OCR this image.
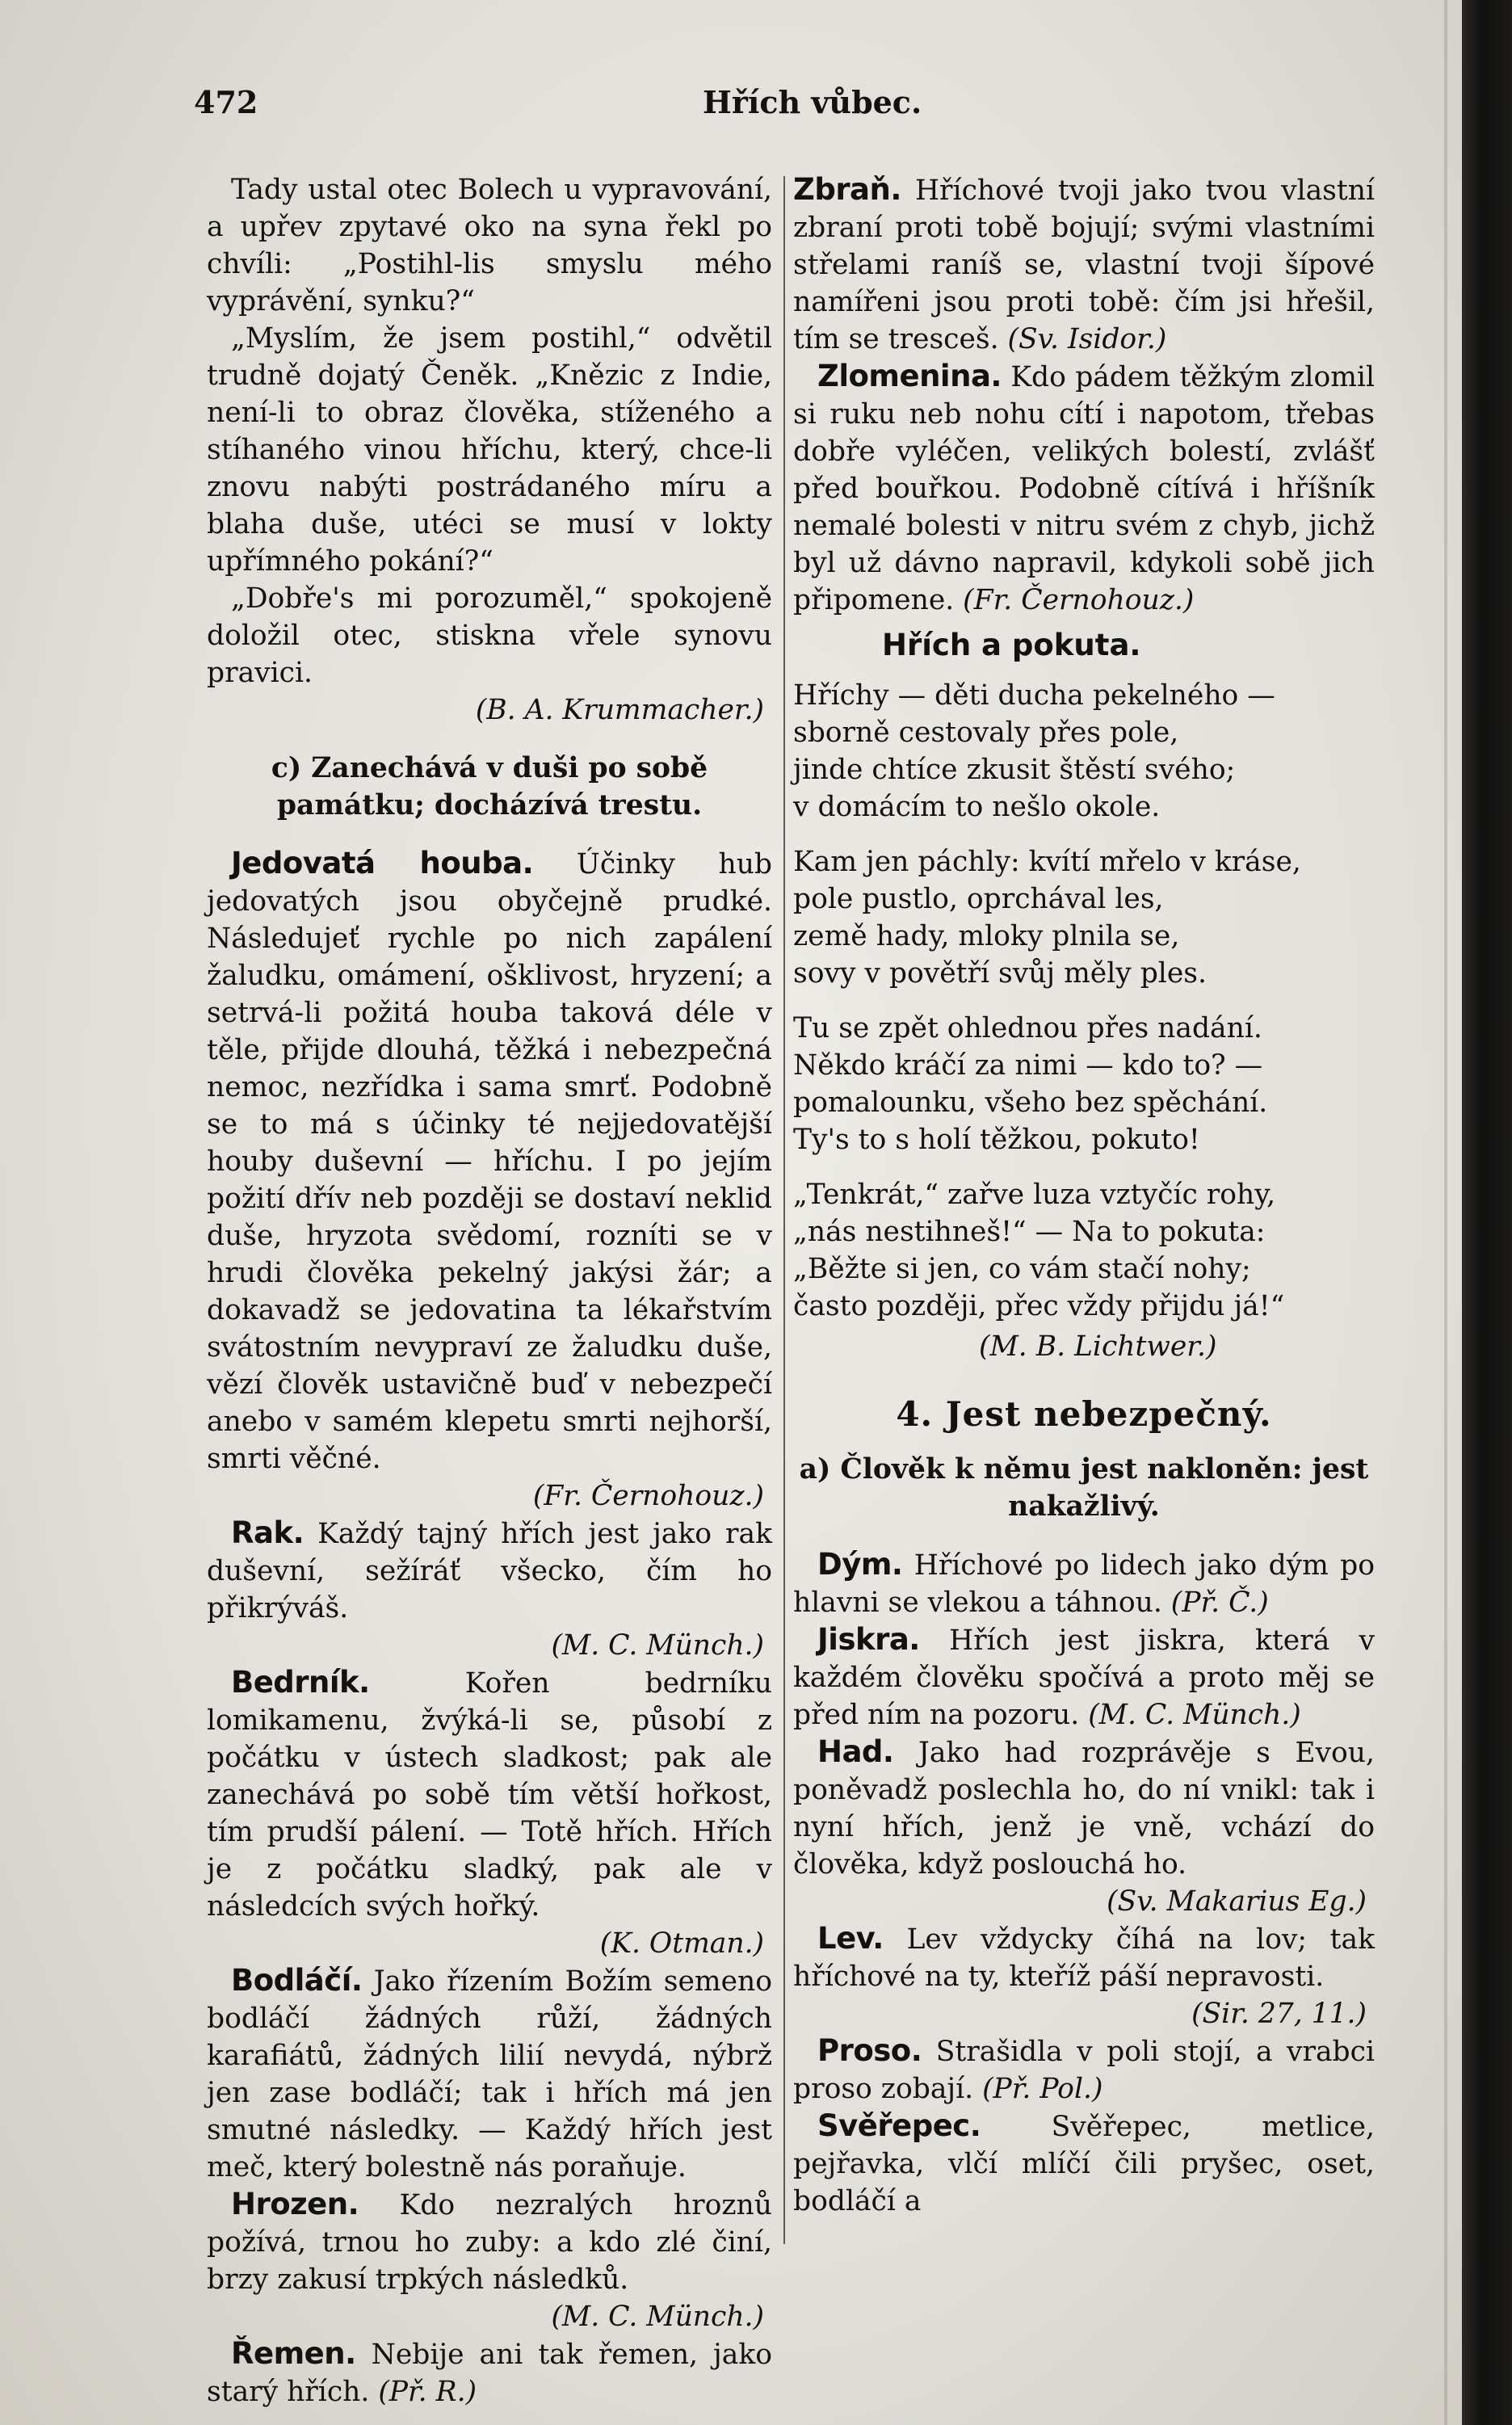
472	Hřích vůbec.

Tady ustal otec Bolech u vypravování, a upřev zpytavé oko na syna řekl po chvíli: „Postihl-lis smyslu mého vyprávění, synku?“

„Myslím, že jsem postihl,“ odvětil trudně dojatý Čeněk. „Knězic z Indie, není-li to obraz člověka, stíženého a stíhaného vinou hříchu, který, chce-li znovu nabýti postrádaného míru a blaha duše, utéci se musí v lokty upřímného pokání?“

„Dobře's mi porozuměl,“ spokojeně doložil otec, stiskna vřele synovu pravici.

(B. A. Krummacher.)

c) Zanechává v duši po sobě památku; docházívá trestu.

Jedovatá houba. Účinky hub jedovatých jsou obyčejně prudké. Následujeť rychle po nich zapálení žaludku, omámení, ošklivost, hryzení; a setrvá-li požitá houba taková déle v těle, přijde dlouhá, těžká i nebezpečná nemoc, nezřídka i sama smrť. Podobně se to má s účinky té nejjedovatější houby duševní — hříchu. I po jejím požití dřív neb později se dostaví neklid duše, hryzota svědomí, rozníti se v hrudi člověka pekelný jakýsi žár; a dokavadž se jedovatina ta lékařstvím svátostním nevypraví ze žaludku duše, vězí člověk ustavičně buď v nebezpečí anebo v samém klepetu smrti nejhorší, smrti věčné.

(Fr. Černohouz.)

Rak. Každý tajný hřích jest jako rak duševní, sežíráť všecko, čím ho přikrýváš.

(M. C. Münch.)

Bedrník. Kořen bedrníku lomikamenu, žvýká-li se, působí z počátku v ústech sladkost; pak ale zanechává po sobě tím větší hořkost, tím prudší pálení. — Totě hřích. Hřích je z počátku sladký, pak ale v následcích svých hořký.

(K. Otman.)

Bodláčí. Jako řízením Božím semeno bodláčí žádných růží, žádných karafiátů, žádných lilií nevydá, nýbrž jen zase bodláčí; tak i hřích má jen smutné následky. — Každý hřích jest meč, který bolestně nás poraňuje.

Hrozen. Kdo nezralých hroznů požívá, trnou ho zuby: a kdo zlé činí, brzy zakusí trpkých následků.

(M. C. Münch.)

Řemen. Nebije ani tak řemen, jako starý hřích. (Př. R.)

Zbraň. Hříchové tvoji jako tvou vlastní zbraní proti tobě bojují; svými vlastními střelami raníš se, vlastní tvoji šípové namířeni jsou proti tobě: čím jsi hřešil, tím se tresceš. (Sv. Isidor.)

Zlomenina. Kdo pádem těžkým zlomil si ruku neb nohu cítí i napotom, třebas dobře vyléčen, velikých bolestí, zvlášť před bouřkou. Podobně cítívá i hříšník nemalé bolesti v nitru svém z chyb, jichž byl už dávno napravil, kdykoli sobě jich připomene. (Fr. Černohouz.)

Hřích a pokuta.

Hříchy — děti ducha pekelného —

sborně cestovaly přes pole,

jinde chtíce zkusit štěstí svého;

v domácím to nešlo okole.

Kam jen páchly: kvítí mřelo v kráse,

pole pustlo, oprchával les,

země hady, mloky plnila se,

sovy v povětří svůj měly ples.

Tu se zpět ohlednou přes nadání.

Někdo kráčí za nimi — kdo to? —

pomalounku, všeho bez spěchání.

Ty's to s holí těžkou, pokuto!

„Tenkrát,“ zařve luza vztyčíc rohy,

„nás nestihneš!“ — Na to pokuta:

„Běžte si jen, co vám stačí nohy;

často později, přec vždy přijdu já!“

(M. B. Lichtwer.)

4. Jest nebezpečný.

a) Člověk k němu jest nakloněn: jest nakažlivý.

Dým. Hříchové po lidech jako dým po hlavni se vlekou a táhnou. (Př. Č.)

Jiskra. Hřích jest jiskra, která v každém člověku spočívá a proto měj se před ním na pozoru. (M. C. Münch.)

Had. Jako had rozprávěje s Evou, poněvadž poslechla ho, do ní vnikl: tak i nyní hřích, jenž je vně, vchází do člověka, když poslouchá ho.

(Sv. Makarius Eg.)

Lev. Lev vždycky číhá na lov; tak hříchové na ty, kteříž páší nepravosti.

(Sir. 27, 11.)

Proso. Strašidla v poli stojí, a vrabci proso zobají. (Př. Pol.)

Svěřepec. Svěřepec, metlice, pejřavka, vlčí mlíčí čili pryšec, oset, bodláčí a
